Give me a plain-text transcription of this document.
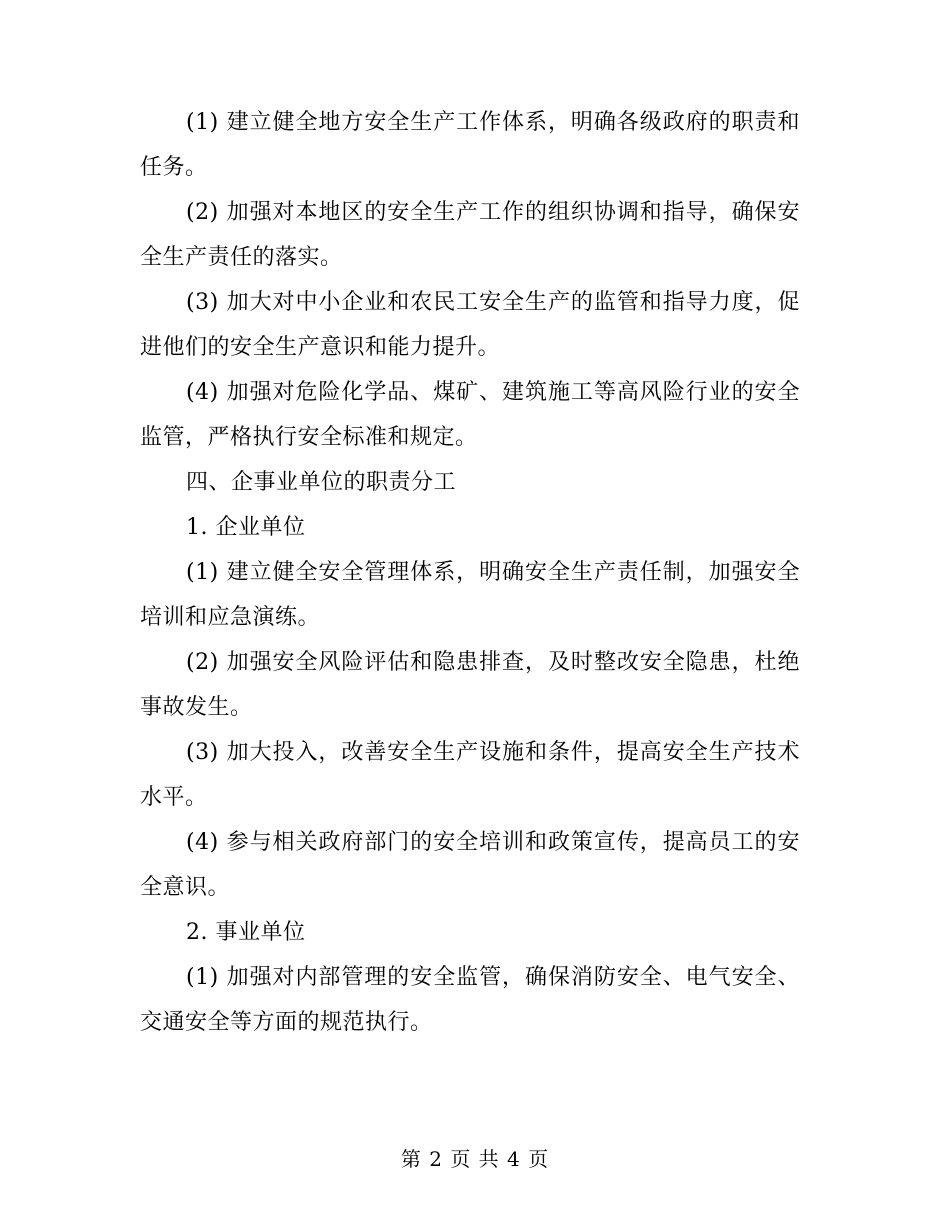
(1) 建立健全地方安全生产工作体系，明确各级政府的职责和任务。

(2) 加强对本地区的安全生产工作的组织协调和指导，确保安全生产责任的落实。

(3) 加大对中小企业和农民工安全生产的监管和指导力度，促进他们的安全生产意识和能力提升。

(4) 加强对危险化学品、煤矿、建筑施工等高风险行业的安全监管，严格执行安全标准和规定。

四、企事业单位的职责分工

1. 企业单位

(1) 建立健全安全管理体系，明确安全生产责任制，加强安全培训和应急演练。

(2) 加强安全风险评估和隐患排查，及时整改安全隐患，杜绝事故发生。

(3) 加大投入，改善安全生产设施和条件，提高安全生产技术水平。

(4) 参与相关政府部门的安全培训和政策宣传，提高员工的安全意识。

2. 事业单位

(1) 加强对内部管理的安全监管，确保消防安全、电气安全、交通安全等方面的规范执行。

第 2 页 共 4 页
